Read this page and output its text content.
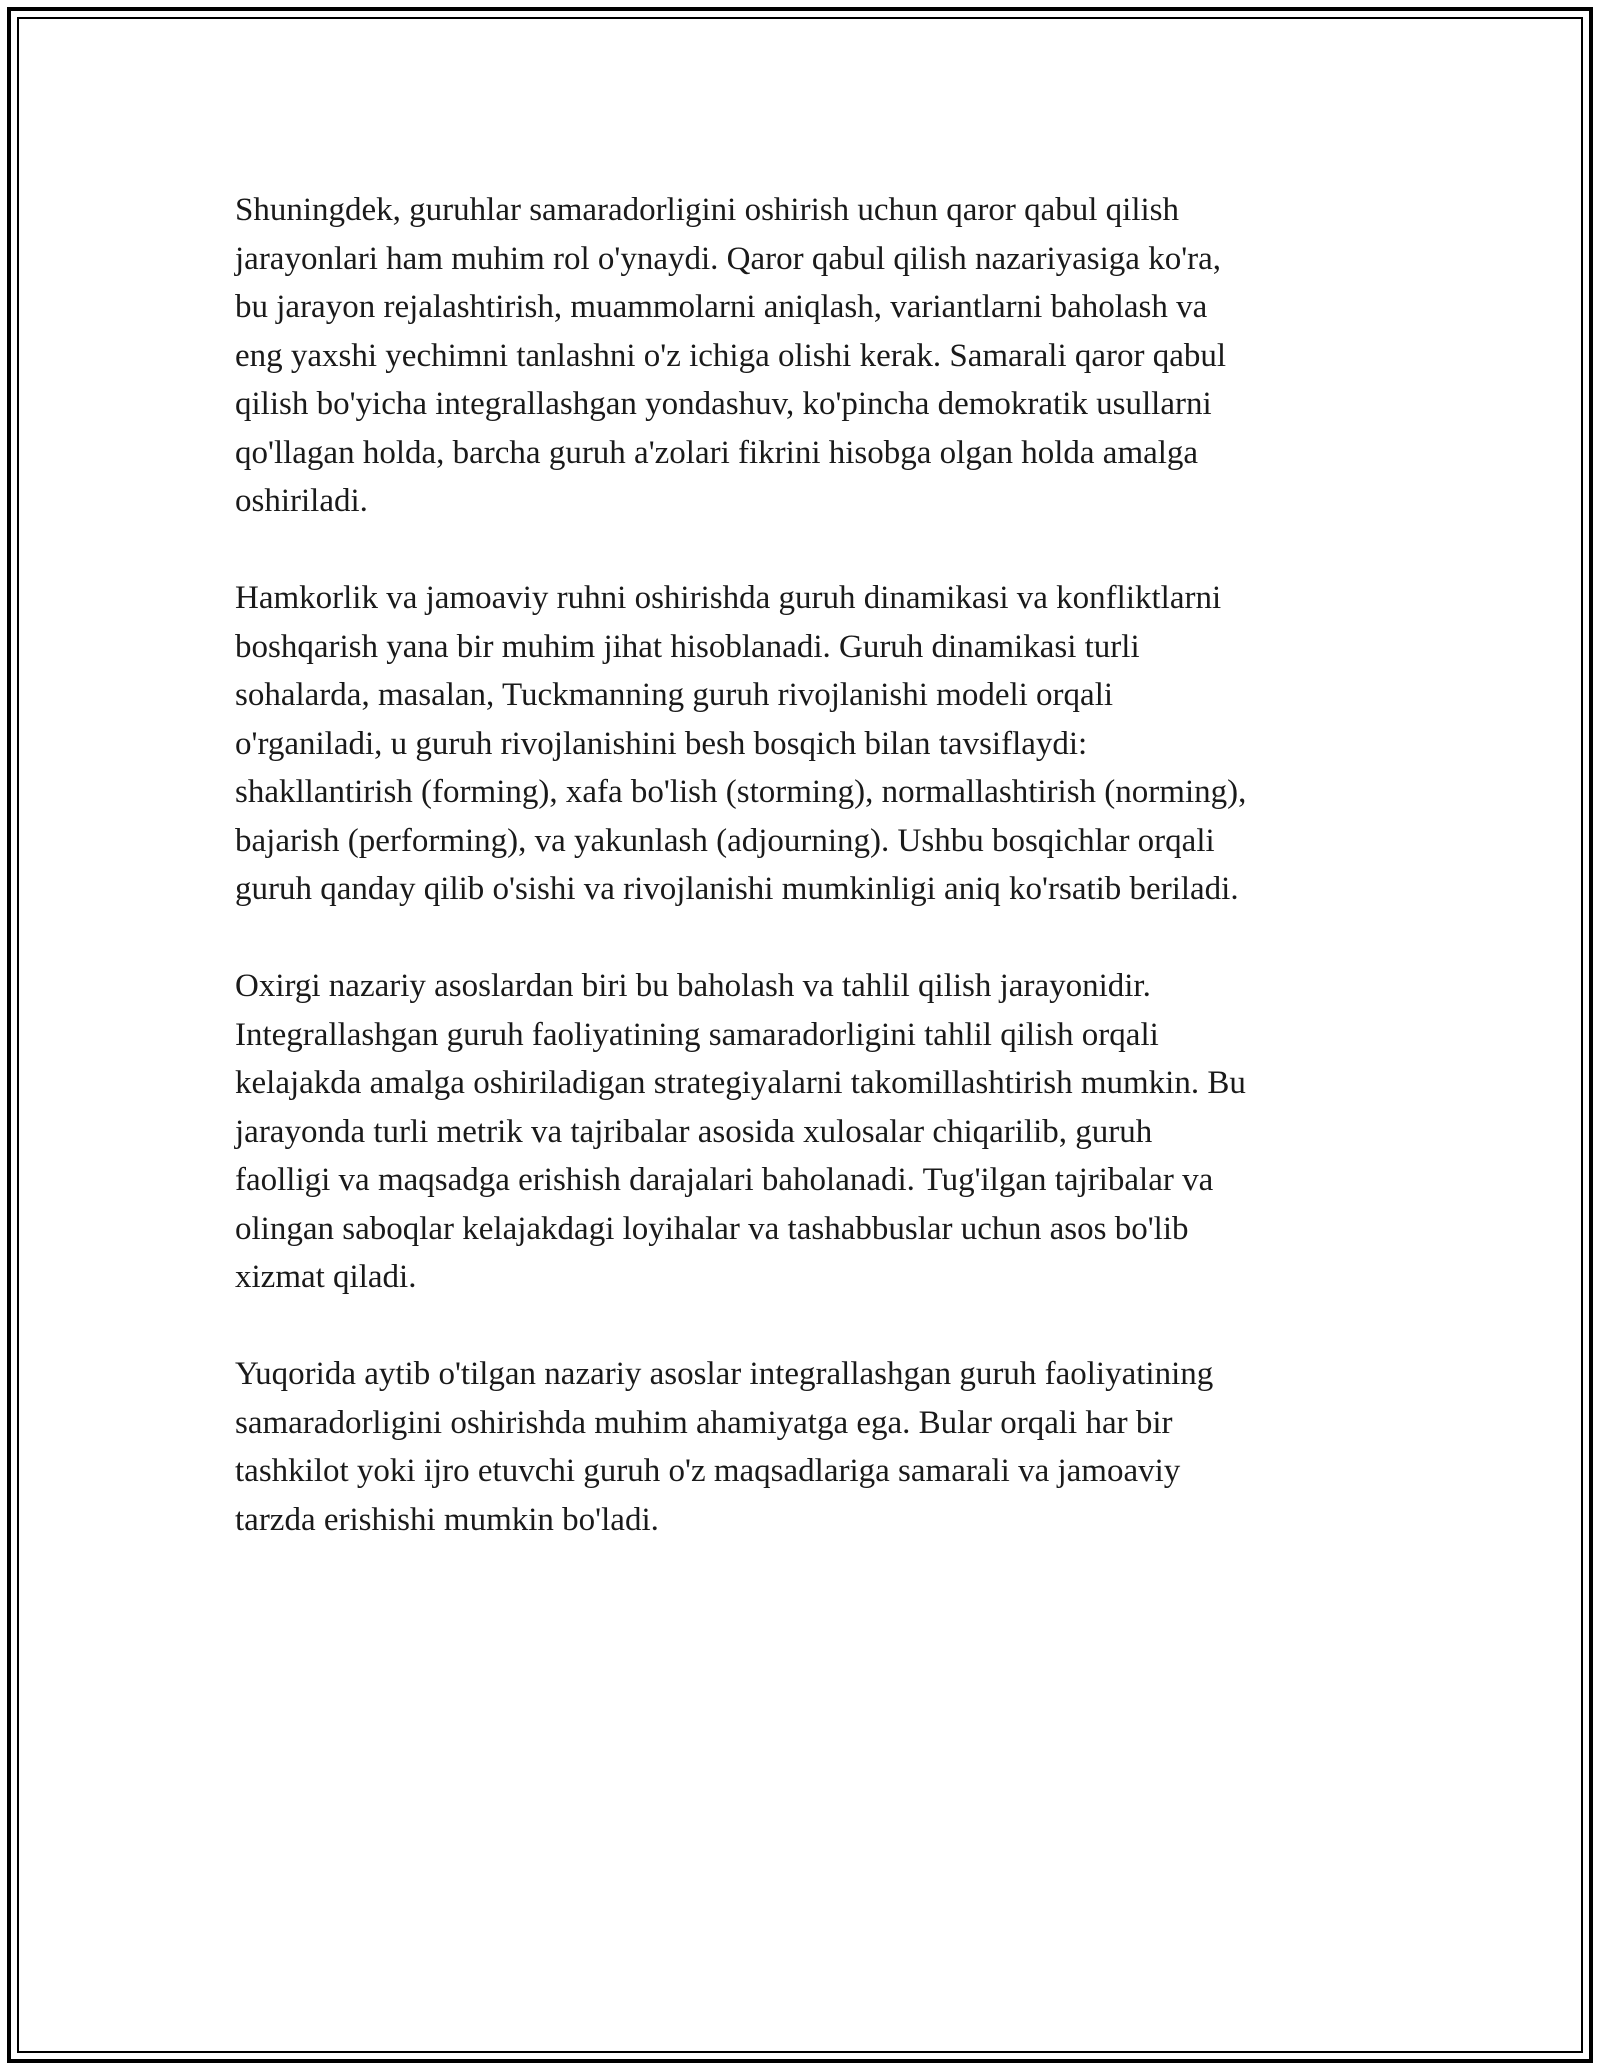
Shuningdek, guruhlar samaradorligini oshirish uchun qaror qabul qilish
jarayonlari ham muhim rol o'ynaydi. Qaror qabul qilish nazariyasiga ko'ra,
bu jarayon rejalashtirish, muammolarni aniqlash, variantlarni baholash va
eng yaxshi yechimni tanlashni o'z ichiga olishi kerak. Samarali qaror qabul
qilish bo'yicha integrallashgan yondashuv, ko'pincha demokratik usullarni
qo'llagan holda, barcha guruh a'zolari fikrini hisobga olgan holda amalga
oshiriladi.

Hamkorlik va jamoaviy ruhni oshirishda guruh dinamikasi va konfliktlarni
boshqarish yana bir muhim jihat hisoblanadi. Guruh dinamikasi turli
sohalarda, masalan, Tuckmanning guruh rivojlanishi modeli orqali
o'rganiladi, u guruh rivojlanishini besh bosqich bilan tavsiflaydi:
shakllantirish (forming), xafa bo'lish (storming), normallashtirish (norming),
bajarish (performing), va yakunlash (adjourning). Ushbu bosqichlar orqali
guruh qanday qilib o'sishi va rivojlanishi mumkinligi aniq ko'rsatib beriladi.

Oxirgi nazariy asoslardan biri bu baholash va tahlil qilish jarayonidir.
Integrallashgan guruh faoliyatining samaradorligini tahlil qilish orqali
kelajakda amalga oshiriladigan strategiyalarni takomillashtirish mumkin. Bu
jarayonda turli metrik va tajribalar asosida xulosalar chiqarilib, guruh
faolligi va maqsadga erishish darajalari baholanadi. Tug'ilgan tajribalar va
olingan saboqlar kelajakdagi loyihalar va tashabbuslar uchun asos bo'lib
xizmat qiladi.

Yuqorida aytib o'tilgan nazariy asoslar integrallashgan guruh faoliyatining
samaradorligini oshirishda muhim ahamiyatga ega. Bular orqali har bir
tashkilot yoki ijro etuvchi guruh o'z maqsadlariga samarali va jamoaviy
tarzda erishishi mumkin bo'ladi.
